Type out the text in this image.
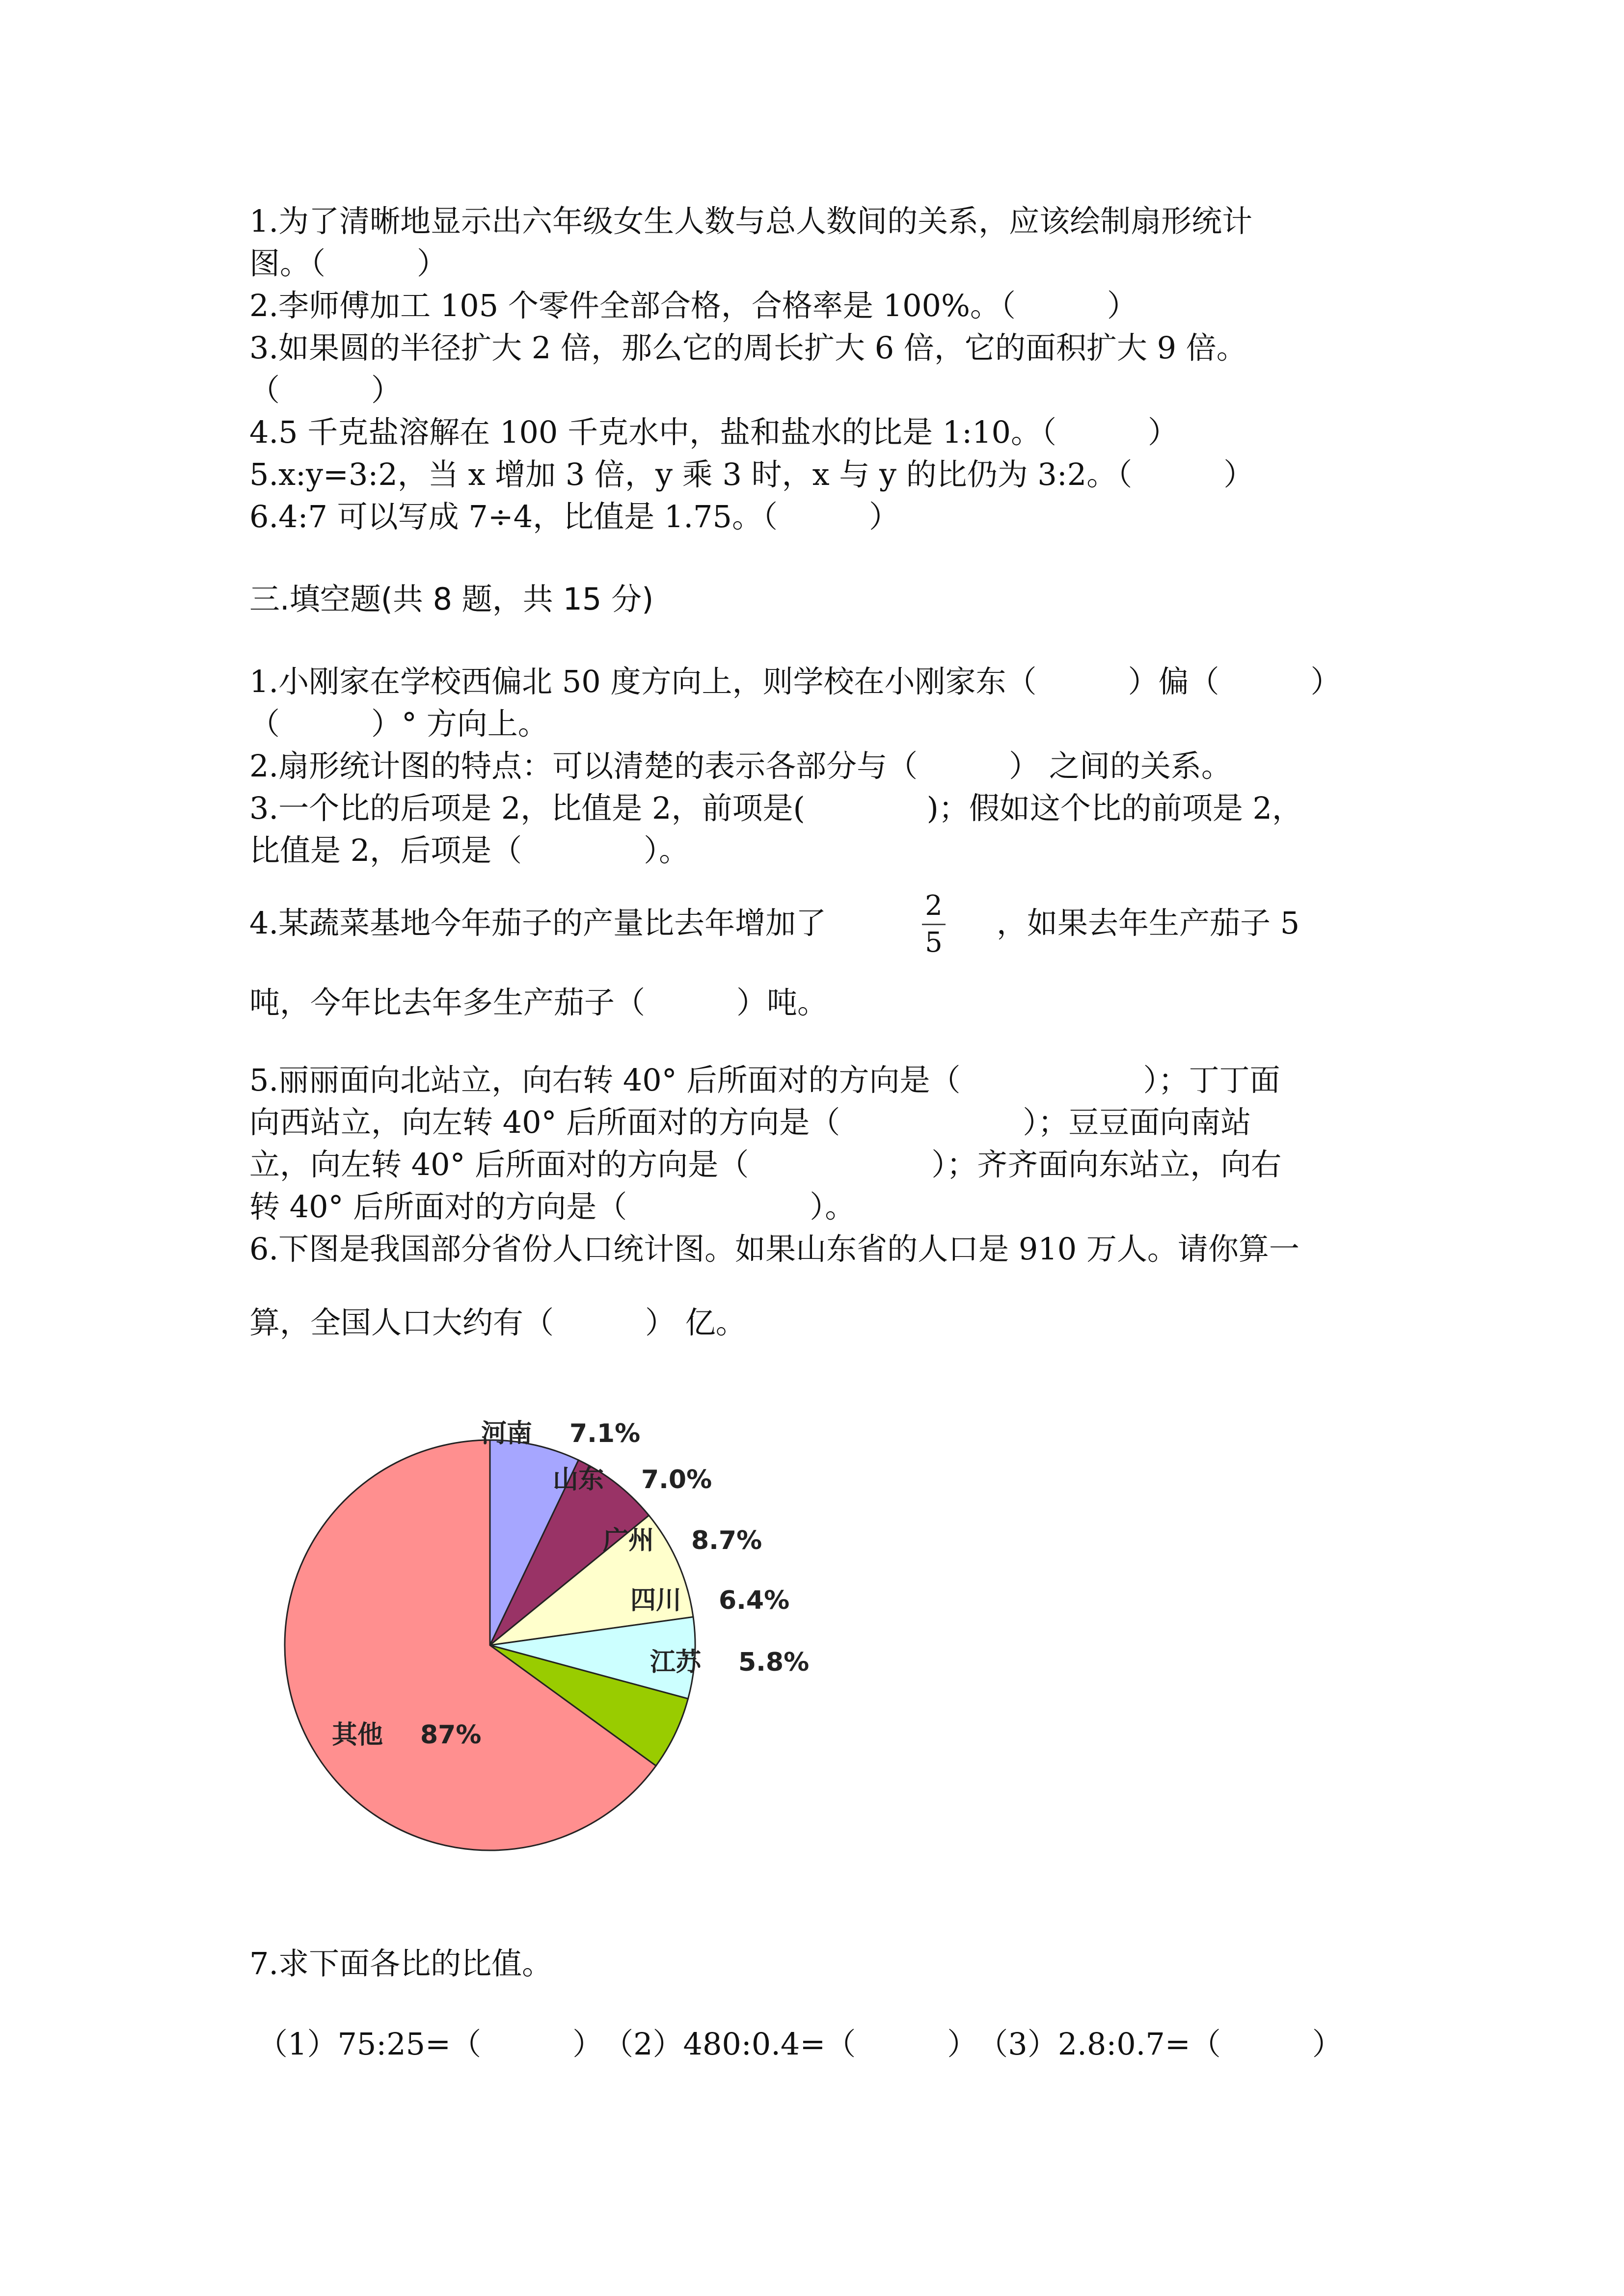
1.为了清晰地显示出六年级女生人数与总人数间的关系，应该绘制扇形统计
图。（　　　）
2.李师傅加工 105 个零件全部合格，合格率是 100%。（　　　）
3.如果圆的半径扩大 2 倍，那么它的周长扩大 6 倍，它的面积扩大 9 倍。
（　　　）
4.5 千克盐溶解在 100 千克水中，盐和盐水的比是 1:10。（　　　）
5.x:y=3:2，当 x 增加 3 倍，y 乘 3 时，x 与 y 的比仍为 3:2。（　　　）
6.4:7 可以写成 7÷4，比值是 1.75。（　　　）
三.填空题(共 8 题，共 15 分)
1.小刚家在学校西偏北 50 度方向上，则学校在小刚家东（　　　）偏（　　　）
（　　　）° 方向上。
2.扇形统计图的特点：可以清楚的表示各部分与（　　　） 之间的关系。
3.一个比的后项是 2，比值是 2，前项是(　　　　)；假如这个比的前项是 2，
比值是 2，后项是（　　　　）。
4.某蔬菜基地今年茄子的产量比去年增加了	2
5
，如果去年生产茄子 5
吨，今年比去年多生产茄子（　　　）吨。
5.丽丽面向北站立，向右转 40° 后所面对的方向是（　　　　　　）；丁丁面
向西站立，向左转 40° 后所面对的方向是（　　　　　　）；豆豆面向南站
立，向左转 40° 后所面对的方向是（　　　　　　）；齐齐面向东站立，向右
转 40° 后所面对的方向是（　　　　　　）。
6.下图是我国部分省份人口统计图。如果山东省的人口是 910 万人。请你算一
算，全国人口大约有（　　　） 亿。
河南 7.1%
山东 7.0%
广州 8.7%
四川 6.4%
江苏 5.8%
其他 87%
7.求下面各比的比值。
（1）75:25=（　　　）　（2）480:0.4=（　　　）　（3）2.8:0.7=（　　　）
